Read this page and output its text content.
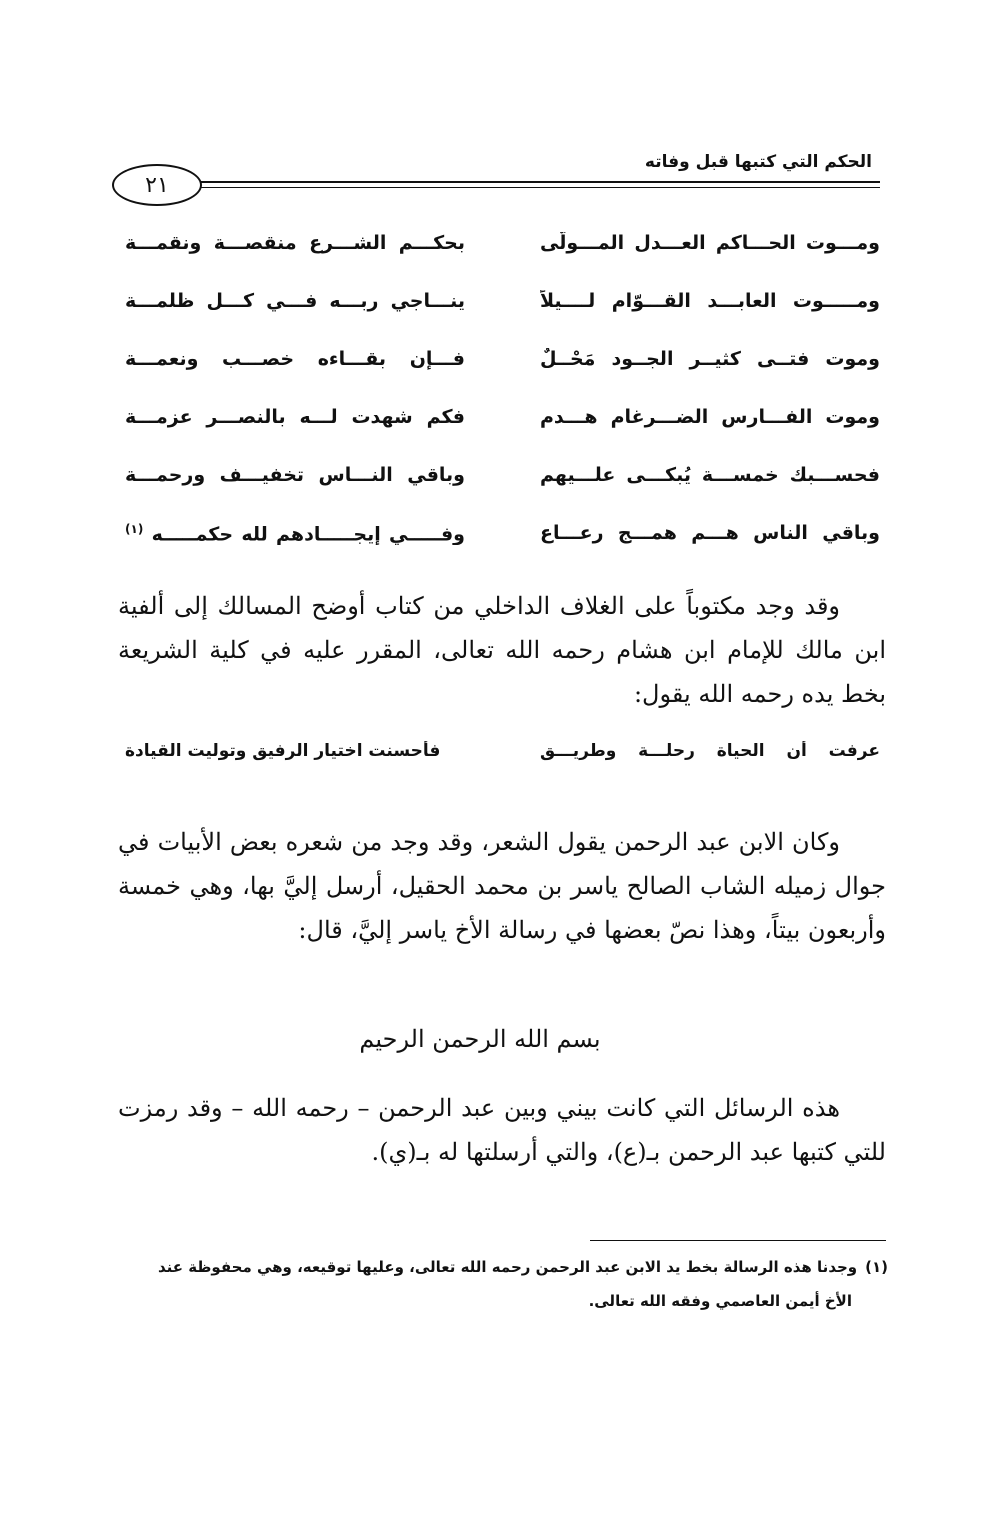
الحكم التي كتبها قبل وفاته
٢١
ومـــوت الحـــاكم العـــدل المـــولَّى
بحكـــم الشـــرع منقصـــة ونقمـــة
ومـــــوت العابـــد القـــوّام لــــيلاً
ينـــاجي ربـــه فـــي كـــل ظلمـــة
وموت فتــى كثيــر الجــود مَحْــلٌ
فـــإن بقـــاءه خصـــب ونعمـــة
وموت الفـــارس الضـــرغام هـــدم
فكم شهدت لـــه بالنصـــر عزمـــة
فحســـبك خمســـة يُبكـــى علـــيهم
وباقي النـــاس تخفيـــف ورحمـــة
وباقي الناس هـــم همـــج رعـــاع
وفـــــي إيجـــــادهم لله حكمـــــه $^{(١)}$
وقد وجد مكتوباً على الغلاف الداخلي من كتاب أوضح المسالك إلى ألفية ابن مالك للإمام ابن هشام رحمه الله تعالى، المقرر عليه في كلية الشريعة بخط يده رحمه الله يقول:
عرفت أن الحياة رحلـــة وطريـــق
فأحسنت اختيار الرفيق وتوليت القيادة
وكان الابن عبد الرحمن يقول الشعر، وقد وجد من شعره بعض الأبيات في جوال زميله الشاب الصالح ياسر بن محمد الحقيل، أرسل إليَّ بها، وهي خمسة وأربعون بيتاً، وهذا نصّ بعضها في رسالة الأخ ياسر إليَّ، قال:
بسم الله الرحمن الرحيم
هذه الرسائل التي كانت بيني وبين عبد الرحمن – رحمه الله – وقد رمزت للتي كتبها عبد الرحمن بـ(ع)، والتي أرسلتها له بـ(ي).
(١)وجدنا هذه الرسالة بخط يد الابن عبد الرحمن رحمه الله تعالى، وعليها توقيعه، وهي محفوظة عند
الأخ أيمن العاصمي وفقه الله تعالى.
